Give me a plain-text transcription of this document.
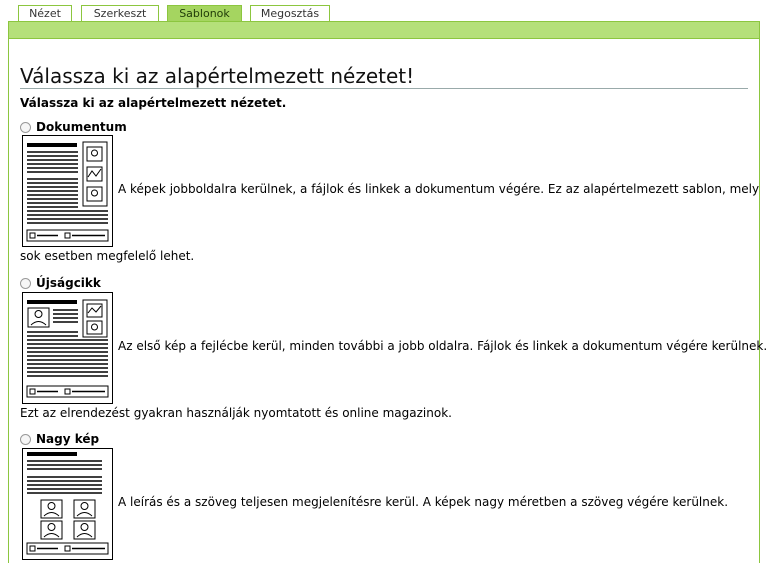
Nézet	Szerkeszt	Sablonok	Megosztás
Válassza ki az alapértelmezett nézetet!
Válassza ki az alapértelmezett nézetet.
Dokumentum
A képek jobboldalra kerülnek, a fájlok és linkek a dokumentum végére. Ez az alapértelmezett sablon, mely
sok esetben megfelelő lehet.
Újságcikk
Az első kép a fejlécbe kerül, minden további a jobb oldalra. Fájlok és linkek a dokumentum végére kerülnek.
Ezt az elrendezést gyakran használják nyomtatott és online magazinok.
Nagy kép
A leírás és a szöveg teljesen megjelenítésre kerül. A képek nagy méretben a szöveg végére kerülnek.
